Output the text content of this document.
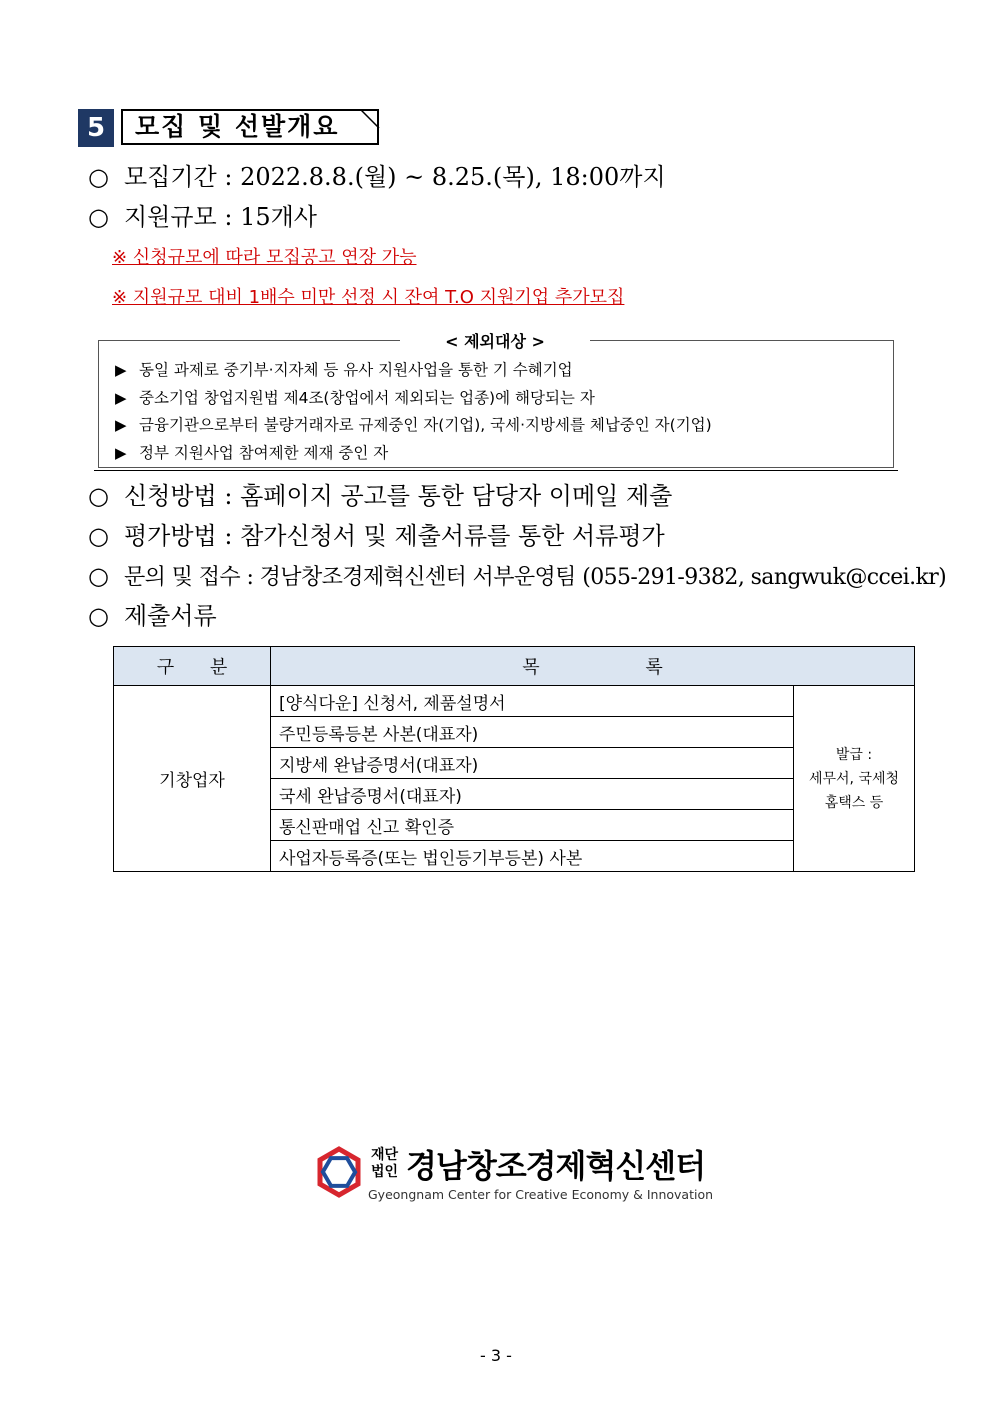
5	모집 및 선발개요
○ 모집기간 : 2022.8.8.(월) ~ 8.25.(목), 18:00까지
○ 지원규모 : 15개사
※ 신청규모에 따라 모집공고 연장 가능
※ 지원규모 대비 1배수 미만 선정 시 잔여 T.O 지원기업 추가모집
< 제외대상 >
▶ 동일 과제로 중기부·지자체 등 유사 지원사업을 통한 기 수혜기업
▶ 중소기업 창업지원법 제4조(창업에서 제외되는 업종)에 해당되는 자
▶ 금융기관으로부터 불량거래자로 규제중인 자(기업), 국세·지방세를 체납중인 자(기업)
▶ 정부 지원사업 참여제한 제재 중인 자
○ 신청방법 : 홈페이지 공고를 통한 담당자 이메일 제출
○ 평가방법 : 참가신청서 및 제출서류를 통한 서류평가
○ 문의 및 접수 : 경남창조경제혁신센터 서부운영팀 (055-291-9382, sangwuk@ccei.kr)
○ 제출서류
구 분	목 록	
기창업자	[양식다운] 신청서, 제품설명서	발급 :
세무서, 국세청
홈택스 등

	주민등록등본 사본(대표자)	
	지방세 완납증명서(대표자)	
	국세 완납증명서(대표자)	
	통신판매업 신고 확인증	
	사업자등록증(또는 법인등기부등본) 사본	
재단
법인 경남창조경제혁신센터
Gyeongnam Center for Creative Economy & Innovation
- 3 -
